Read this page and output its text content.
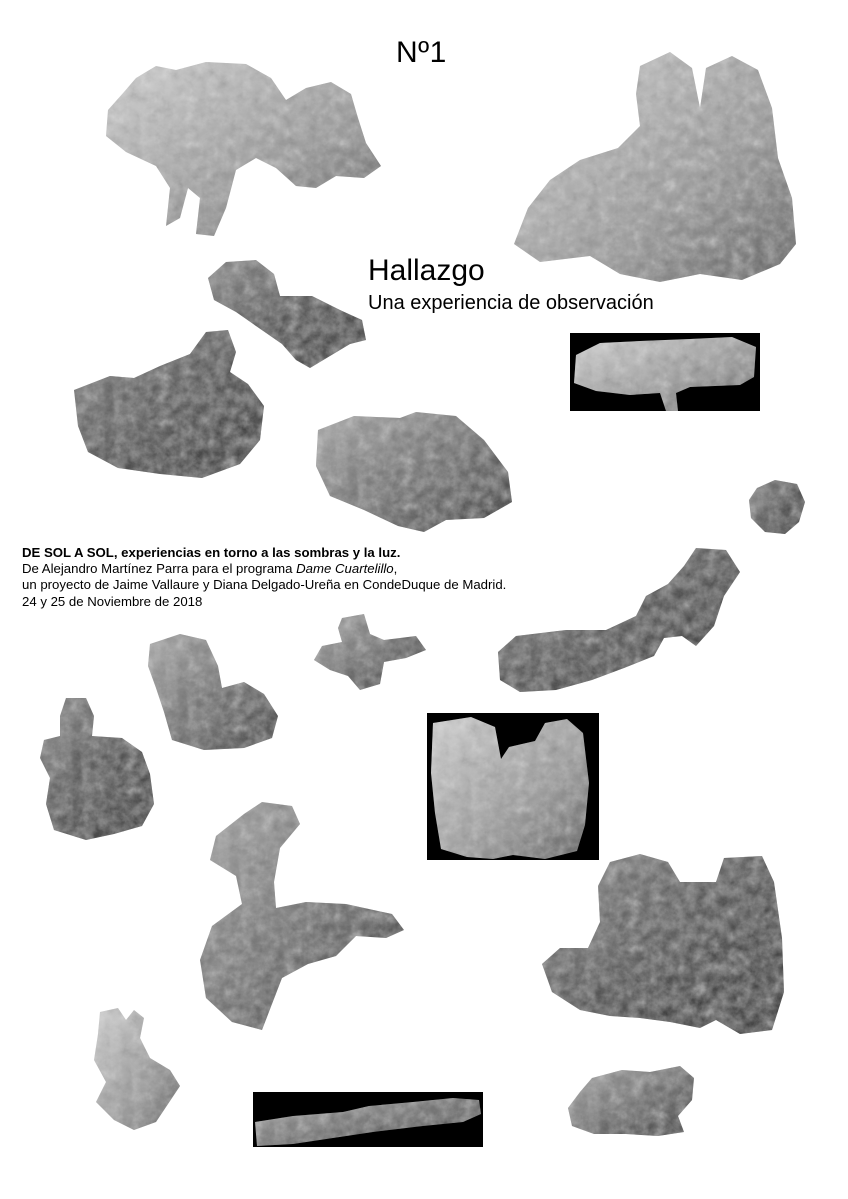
Nº1
Hallazgo
Una experiencia de observación
DE SOL A SOL, experiencias en torno a las sombras y la luz.
De Alejandro Martínez Parra para el programa Dame Cuartelillo,
un proyecto de Jaime Vallaure y Diana Delgado-Ureña en CondeDuque de Madrid.
24 y 25 de Noviembre de 2018
